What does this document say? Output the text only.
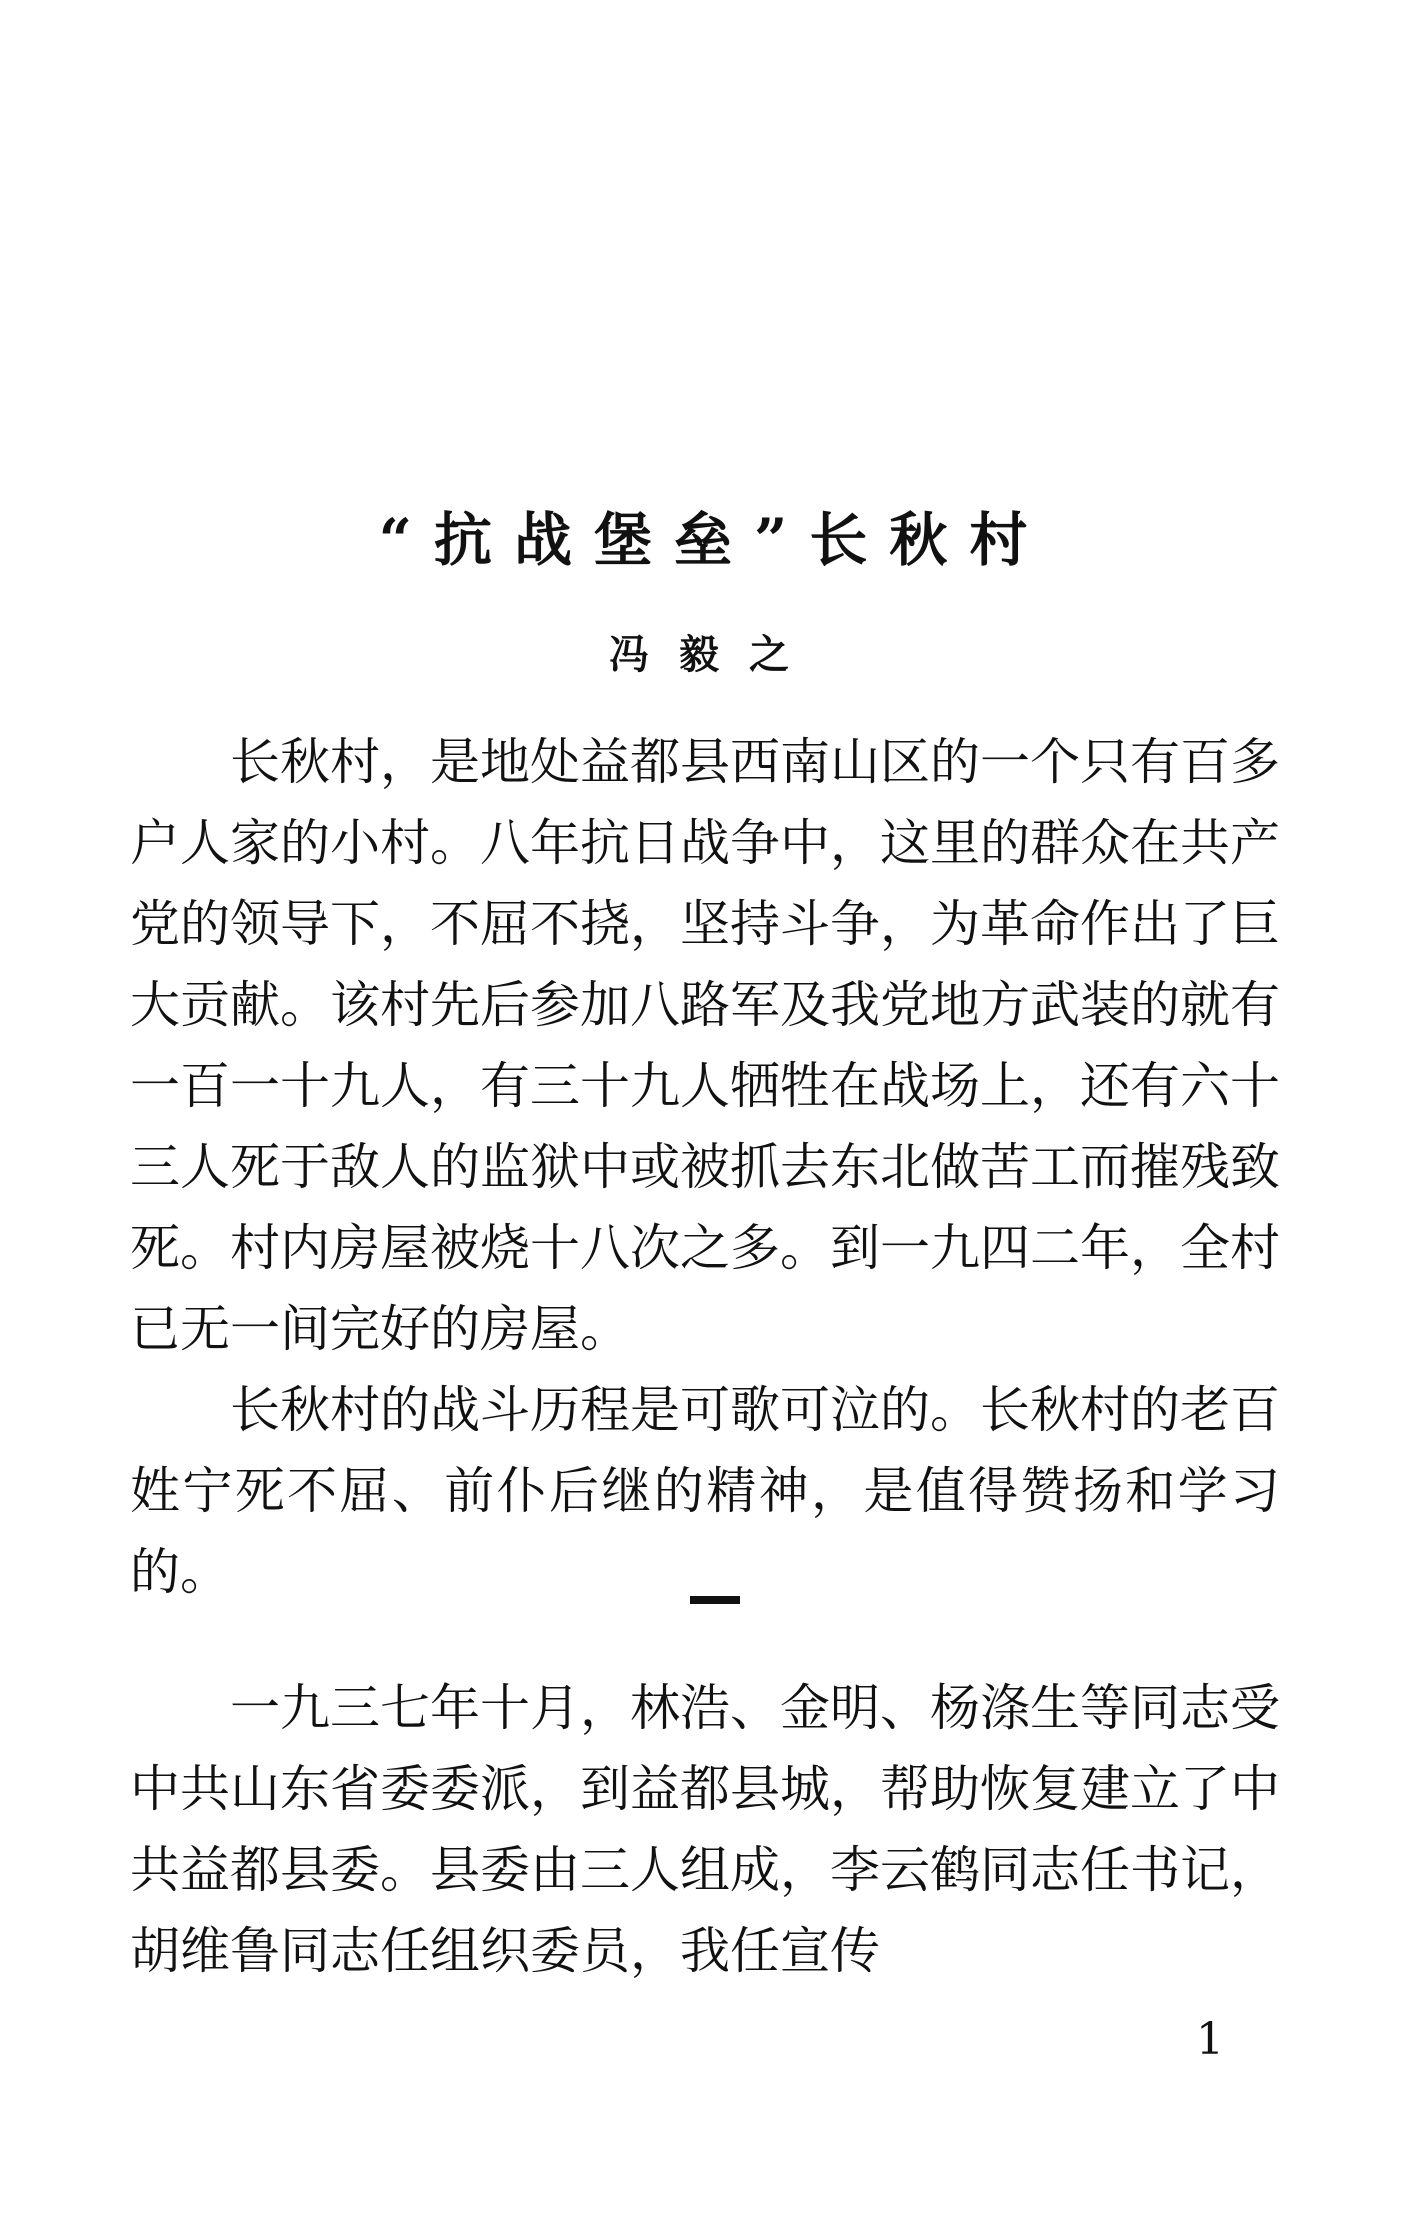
“抗战堡垒”长秋村
冯毅之

长秋村，是地处益都县西南山区的一个只有百多户人家的小村。八年抗日战争中，这里的群众在共产党的领导下，不屈不挠，坚持斗争，为革命作出了巨大贡献。该村先后参加八路军及我党地方武装的就有一百一十九人，有三十九人牺牲在战场上，还有六十三人死于敌人的监狱中或被抓去东北做苦工而摧残致死。村内房屋被烧十八次之多。到一九四二年，全村已无一间完好的房屋。

长秋村的战斗历程是可歌可泣的。长秋村的老百姓宁死不屈、前仆后继的精神，是值得赞扬和学习的。

一九三七年十月，林浩、金明、杨涤生等同志受中共山东省委委派，到益都县城，帮助恢复建立了中共益都县委。县委由三人组成，李云鹤同志任书记，胡维鲁同志任组织委员，我任宣传

1
